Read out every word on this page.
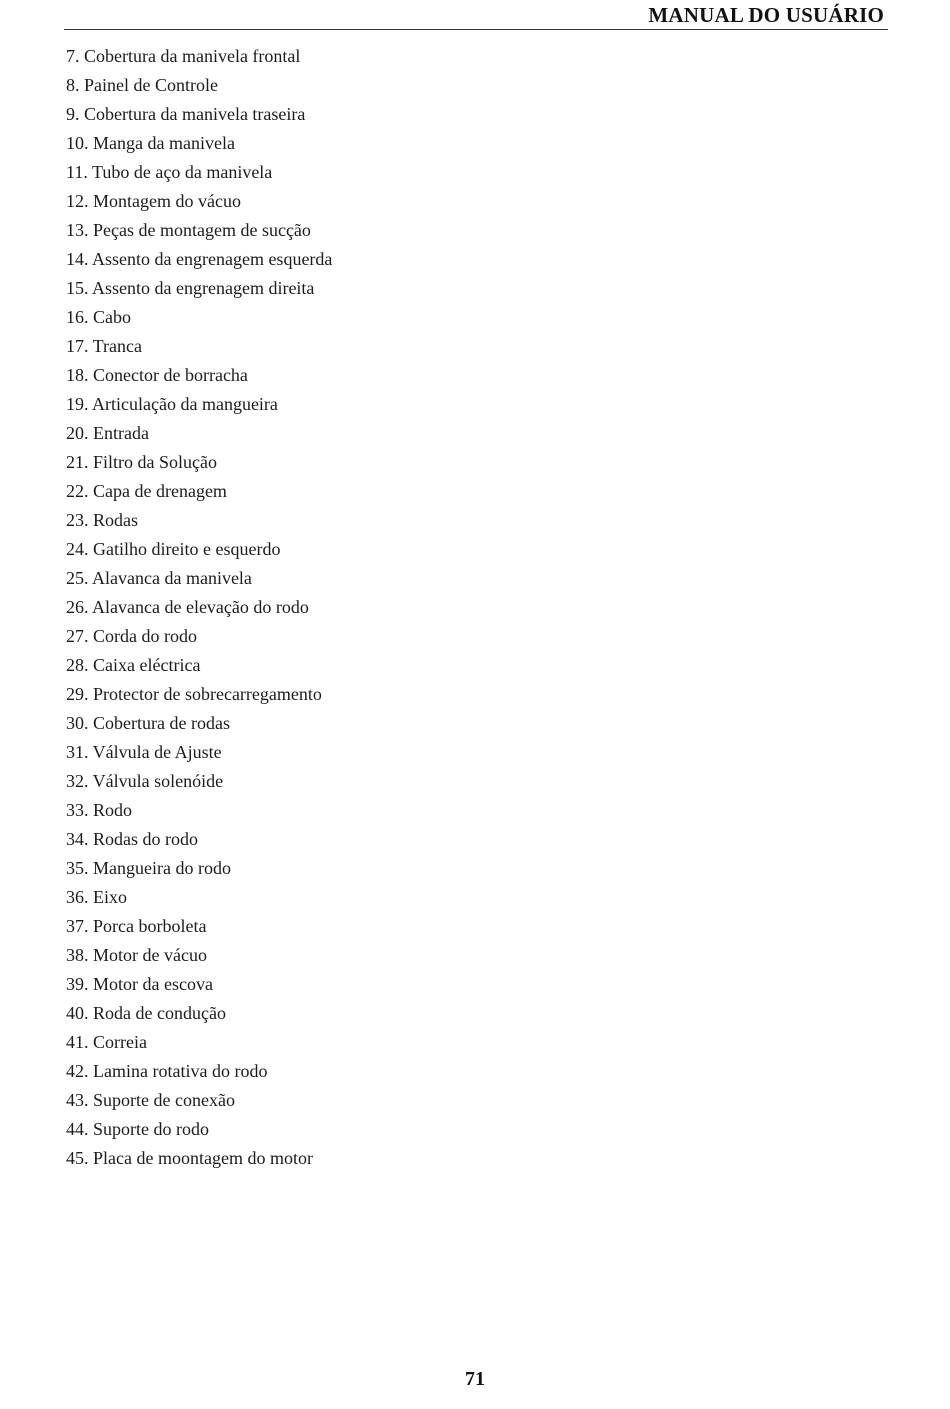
MANUAL DO USUÁRIO
7. Cobertura da manivela frontal
8. Painel de Controle
9. Cobertura da manivela traseira
10. Manga da manivela
11. Tubo de aço da manivela
12. Montagem do vácuo
13. Peças de montagem de sucção
14. Assento da engrenagem esquerda
15. Assento da engrenagem direita
16. Cabo
17. Tranca
18. Conector de borracha
19. Articulação da mangueira
20. Entrada
21. Filtro da Solução
22. Capa de drenagem
23. Rodas
24. Gatilho direito e esquerdo
25. Alavanca da manivela
26. Alavanca de elevação do rodo
27. Corda do rodo
28. Caixa eléctrica
29. Protector de sobrecarregamento
30. Cobertura de rodas
31. Válvula de Ajuste
32. Válvula solenóide
33. Rodo
34. Rodas do rodo
35. Mangueira do rodo
36. Eixo
37. Porca borboleta
38. Motor de vácuo
39. Motor da escova
40. Roda de condução
41. Correia
42. Lamina rotativa do rodo
43. Suporte de conexão
44. Suporte do rodo
45. Placa de moontagem do motor
71
